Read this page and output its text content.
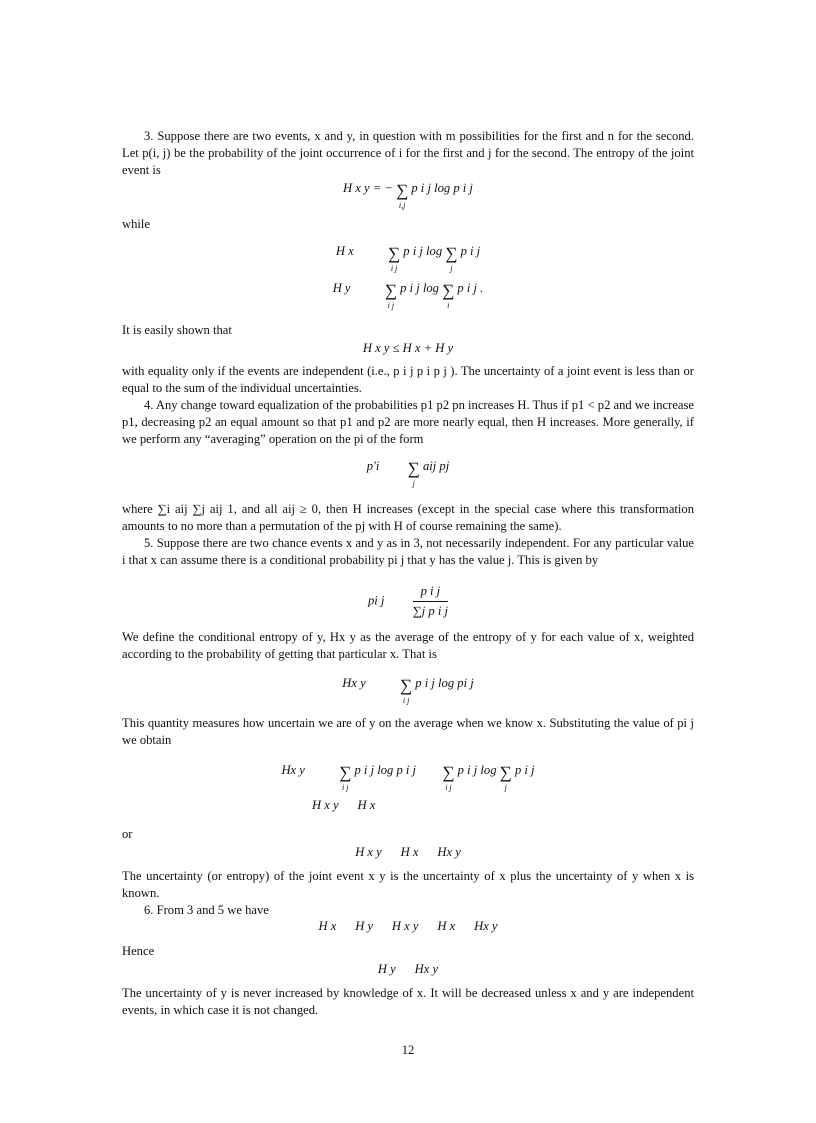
3. Suppose there are two events, x and y, in question with m possibilities for the first and n for the second. Let p(i, j) be the probability of the joint occurrence of i for the first and j for the second. The entropy of the joint event is
H x y = − ∑
i,j
p i j log p i j
while
H x ∑
i j
p i j log ∑
j
p i j
H y ∑
i j
p i j log ∑
i
p i j .
It is easily shown that
H x y ≤ H x + H y
with equality only if the events are independent (i.e., p i j p i p j ). The uncertainty of a joint event is less than or equal to the sum of the individual uncertainties.
4. Any change toward equalization of the probabilities p1 p2 pn increases H. Thus if p1 < p2 and we increase p1, decreasing p2 an equal amount so that p1 and p2 are more nearly equal, then H increases. More generally, if we perform any “averaging” operation on the pi of the form
p′i ∑
j
aij pj
where ∑i aij ∑j aij 1, and all aij ≥ 0, then H increases (except in the special case where this transformation amounts to no more than a permutation of the pj with H of course remaining the same).
5. Suppose there are two chance events x and y as in 3, not necessarily independent. For any particular value i that x can assume there is a conditional probability pi j that y has the value j. This is given by
pi j $\frac{\text{p i j}}{\text{∑j p i j}}$
We define the conditional entropy of y, Hx y as the average of the entropy of y for each value of x, weighted according to the probability of getting that particular x. That is
Hx y ∑
i j
p i j log pi j
This quantity measures how uncertain we are of y on the average when we know x. Substituting the value of pi j we obtain
Hx y ∑
i j
p i j log p i j ∑
i j
p i j log ∑
j
p i j
H x y      H x
or
H x y      H x      Hx y
The uncertainty (or entropy) of the joint event x y is the uncertainty of x plus the uncertainty of y when x is known.
6. From 3 and 5 we have
H x      H y      H x y      H x      Hx y
Hence
H y      Hx y
The uncertainty of y is never increased by knowledge of x. It will be decreased unless x and y are independent events, in which case it is not changed.
12
